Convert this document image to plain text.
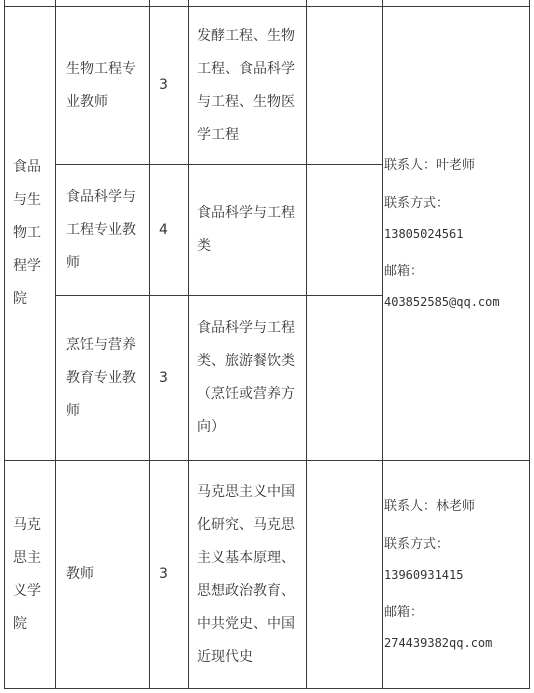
食品与生物工程学院	生物工程专业教师	3	发酵工程、生物工程、食品科学与工程、生物医学工程		联系人：叶老师
联系方式：
13805024561
邮箱：
403852585@qq.com

	食品科学与工程专业教师	4	食品科学与工程类		

	烹饪与营养教育专业教师	3	食品科学与工程类、旅游餐饮类（烹饪或营养方向）		

马克思主义学院	教师	3	马克思主义中国化研究、马克思主义基本原理、思想政治教育、中共党史、中国近现代史		联系人：林老师
联系方式：
13960931415
邮箱：
274439382qq.com
